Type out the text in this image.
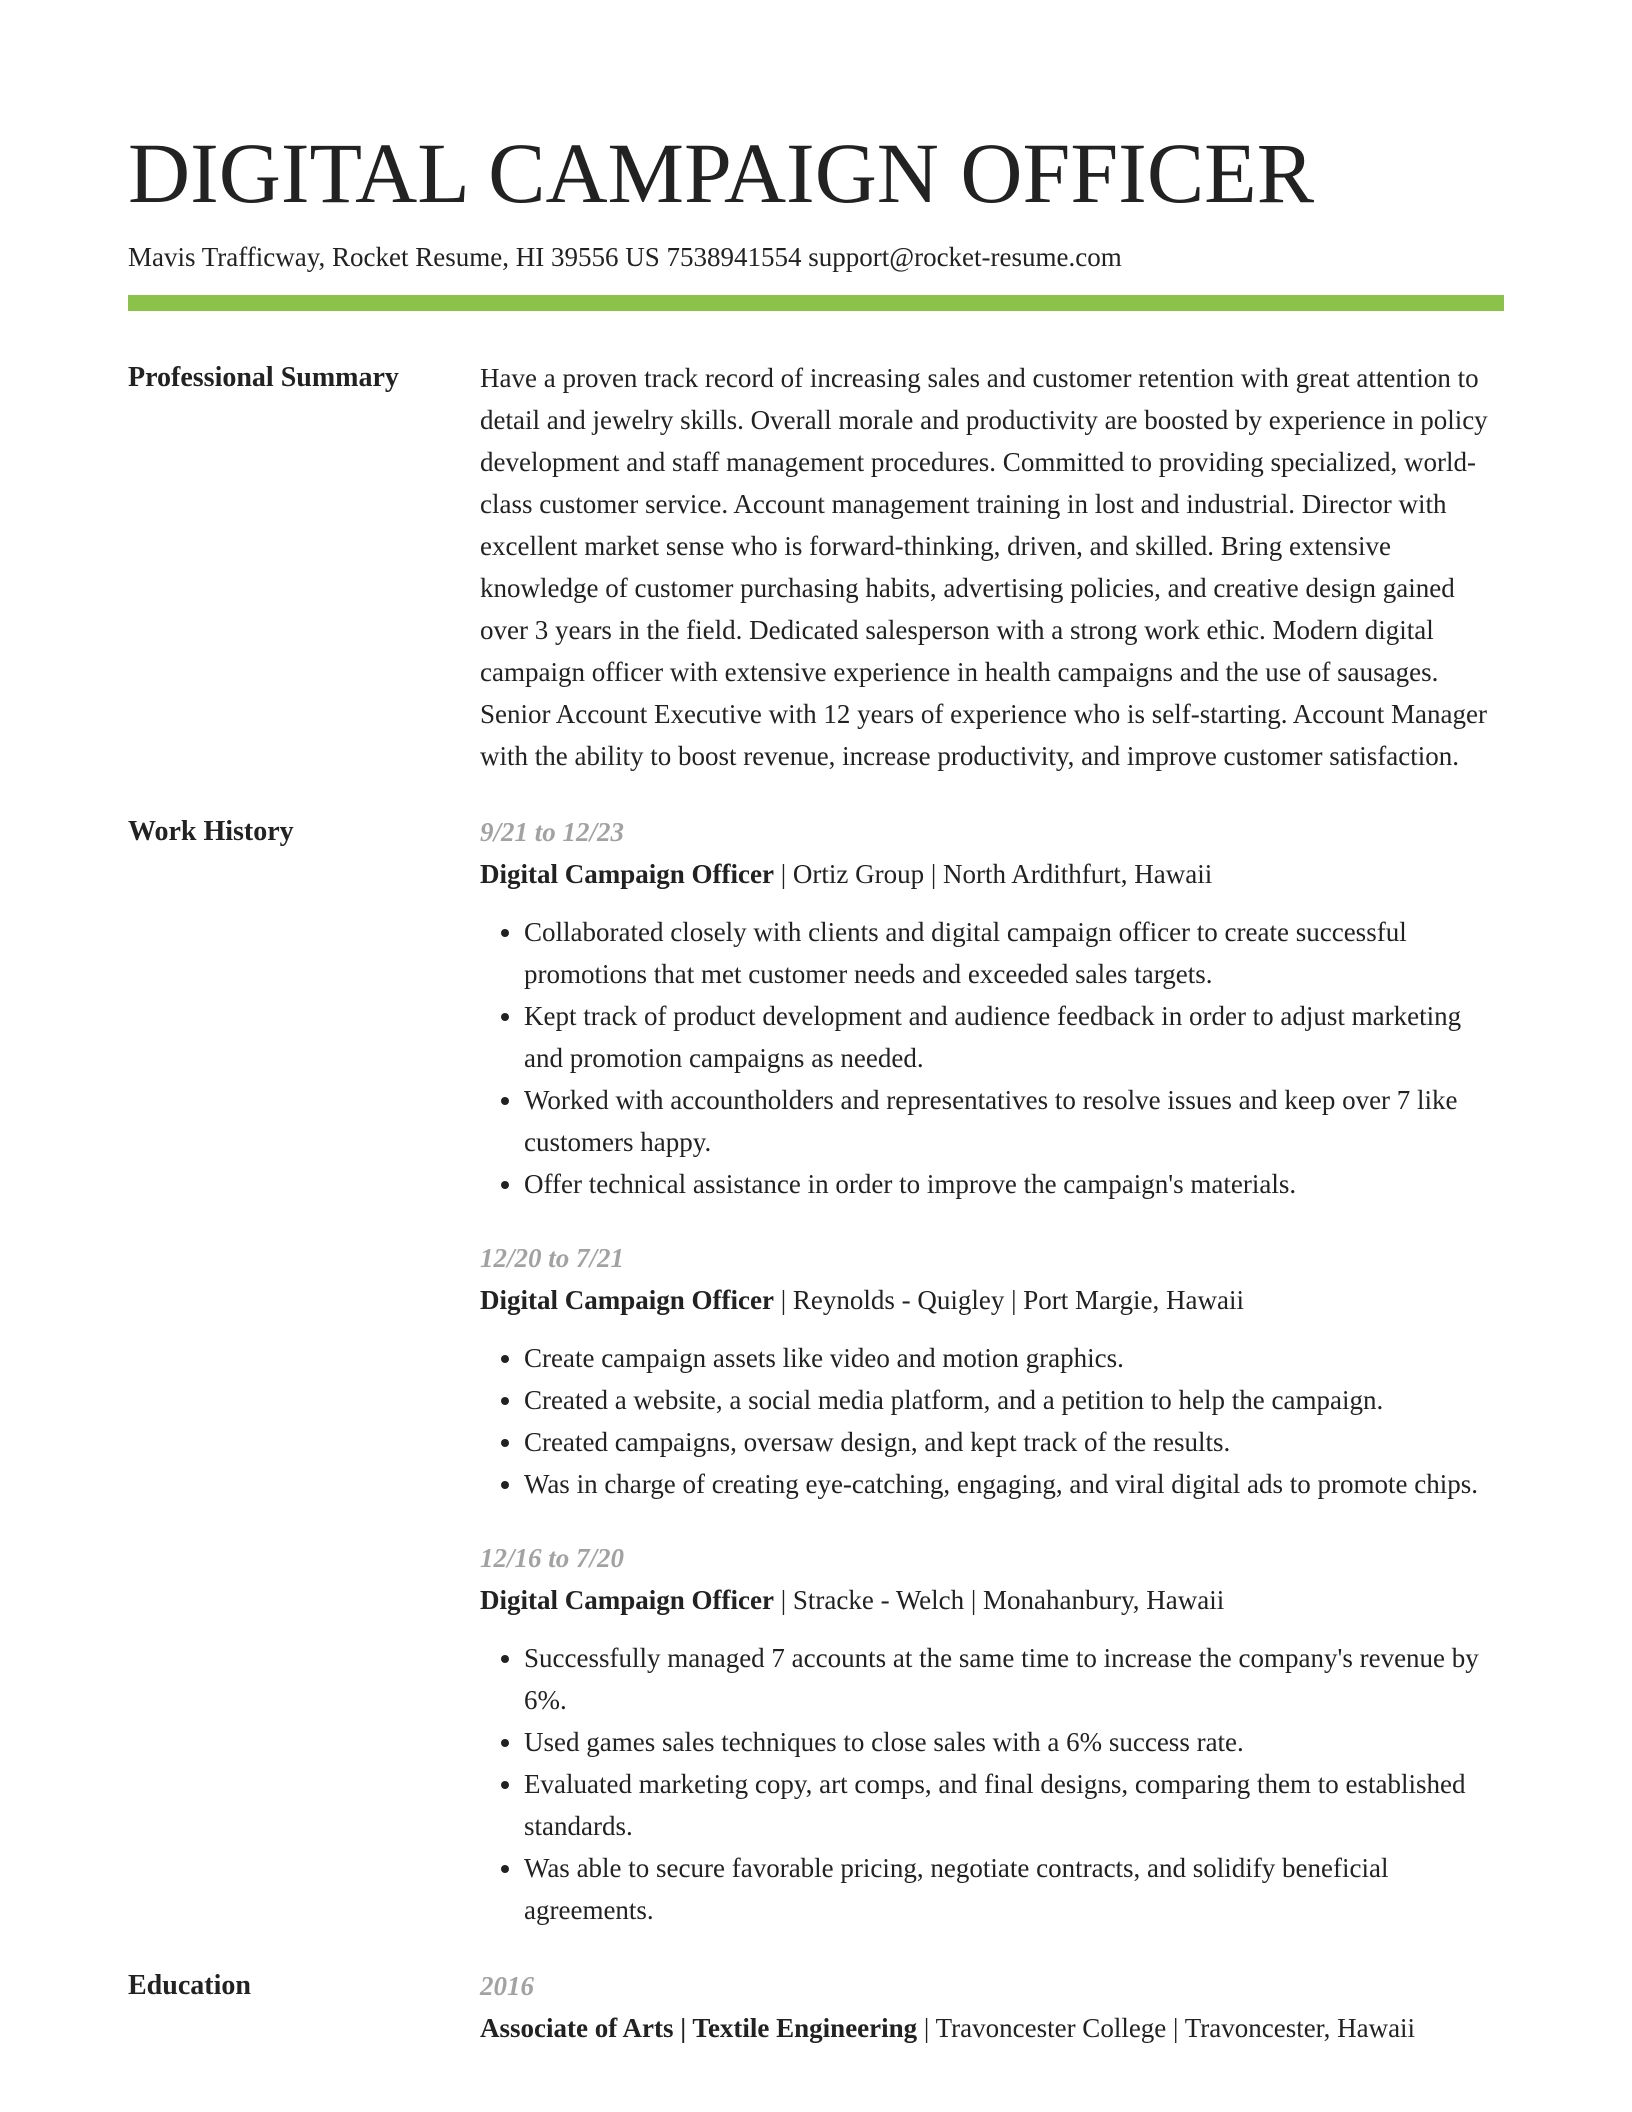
DIGITAL CAMPAIGN OFFICER
Mavis Trafficway, Rocket Resume, HI 39556 US 7538941554 support@rocket-resume.com
Professional Summary	Have a proven track record of increasing sales and customer retention with great attention to detail and jewelry skills. Overall morale and productivity are boosted by experience in policy development and staff management procedures. Committed to providing specialized, world-class customer service. Account management training in lost and industrial. Director with excellent market sense who is forward-thinking, driven, and skilled. Bring extensive knowledge of customer purchasing habits, advertising policies, and creative design gained over 3 years in the field. Dedicated salesperson with a strong work ethic. Modern digital campaign officer with extensive experience in health campaigns and the use of sausages. Senior Account Executive with 12 years of experience who is self-starting. Account Manager with the ability to boost revenue, increase productivity, and improve customer satisfaction.

Work History	9/21 to 12/23
Digital Campaign Officer | Ortiz Group | North Ardithfurt, Hawaii
• Collaborated closely with clients and digital campaign officer to create successful promotions that met customer needs and exceeded sales targets.
• Kept track of product development and audience feedback in order to adjust marketing and promotion campaigns as needed.
• Worked with accountholders and representatives to resolve issues and keep over 7 like customers happy.
• Offer technical assistance in order to improve the campaign's materials.
12/20 to 7/21
Digital Campaign Officer | Reynolds - Quigley | Port Margie, Hawaii
• Create campaign assets like video and motion graphics.
• Created a website, a social media platform, and a petition to help the campaign.
• Created campaigns, oversaw design, and kept track of the results.
• Was in charge of creating eye-catching, engaging, and viral digital ads to promote chips.
12/16 to 7/20
Digital Campaign Officer | Stracke - Welch | Monahanbury, Hawaii
• Successfully managed 7 accounts at the same time to increase the company's revenue by 6%.
• Used games sales techniques to close sales with a 6% success rate.
• Evaluated marketing copy, art comps, and final designs, comparing them to established standards.
• Was able to secure favorable pricing, negotiate contracts, and solidify beneficial agreements.
Education	2016
Associate of Arts | Textile Engineering | Travoncester College | Travoncester, Hawaii
